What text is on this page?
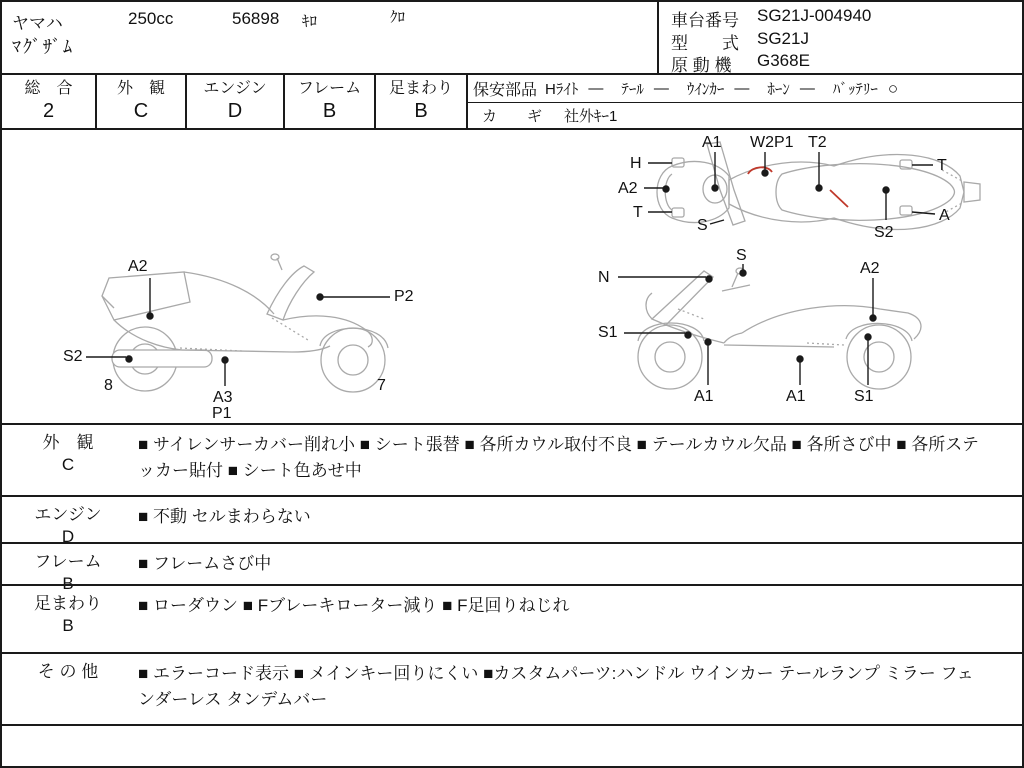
ヤマハ	250cc	56898 ｷﾛ	ｸﾛ
ﾏｸﾞｻﾞﾑ
車台番号	SG21J-004940
型　　式	SG21J
原 動 機	G368E
総　合
2
外　観
C
エンジン
D
フレーム
B
足まわり
B
保安部品 Hﾗｲﾄ — ﾃｰﾙ — ｳｲﾝｶｰ — ﾎｰﾝ — ﾊﾞｯﾃﾘｰ ○
カ　　ギ 社外ｷｰ1
A1 W2P1 T2
H
A2
T
S
T
A
S2
A2
P2
S2
8
A3
P1
7
N
S
A2
S1
A1	A1	S1
外　観
C
■ サイレンサーカバー削れ小 ■ シート張替 ■ 各所カウル取付不良 ■ テールカウル欠品 ■ 各所さび中 ■ 各所ステッカー貼付 ■ シート色あせ中
エンジン
D
■ 不動 セルまわらない
フレーム
B
■ フレームさび中
足まわり
B
■ ローダウン ■ Fブレーキローター減り ■ F足回りねじれ
そ の 他	■ エラーコード表示 ■ メインキー回りにくい ■カスタムパーツ:ハンドル ウインカー テールランプ ミラー フェンダーレス タンデムバー
